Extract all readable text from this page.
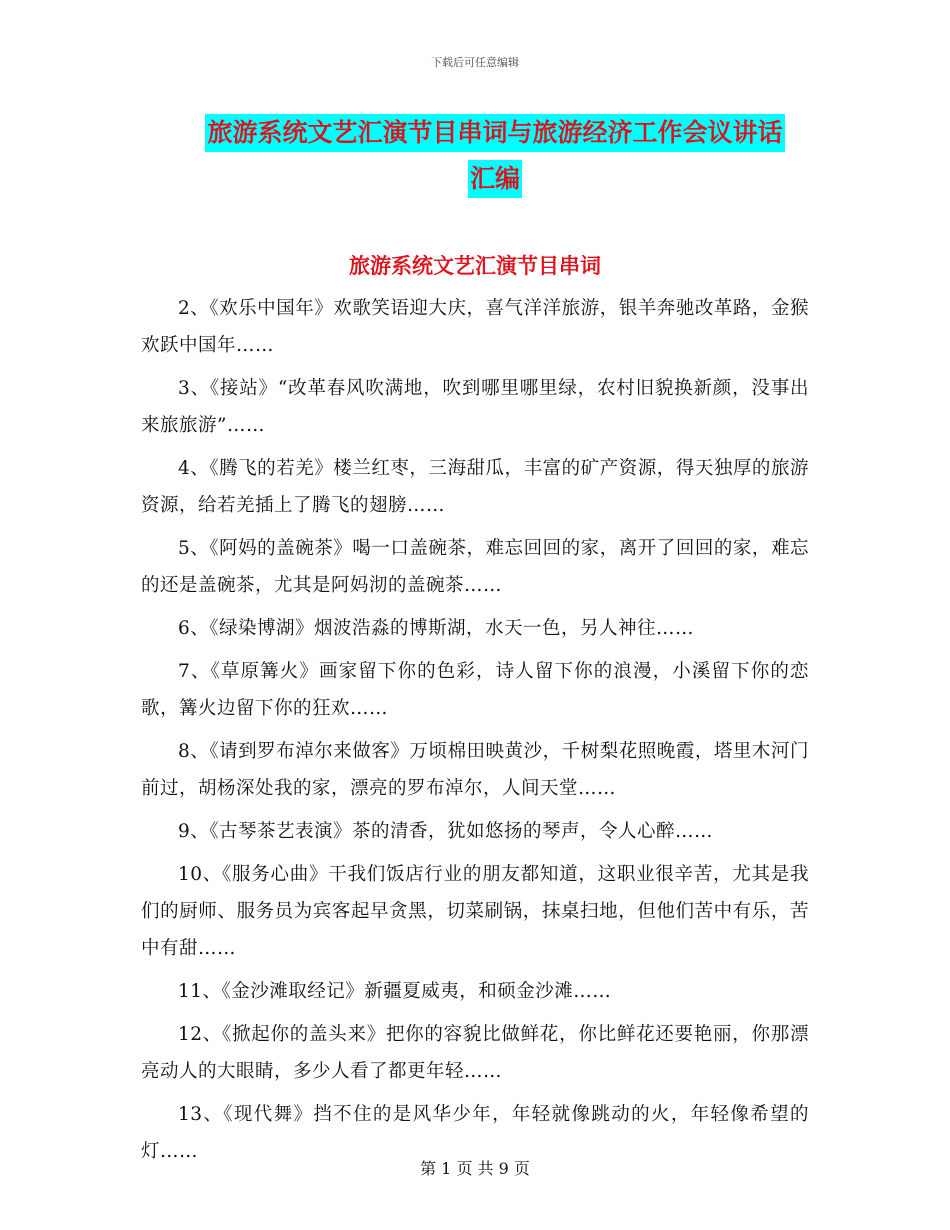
下载后可任意编辑
旅游系统文艺汇演节目串词与旅游经济工作会议讲话
汇编
旅游系统文艺汇演节目串词

2、《欢乐中国年》欢歌笑语迎大庆，喜气洋洋旅游，银羊奔驰改革路，金猴欢跃中国年……

3、《接站》“改革春风吹满地，吹到哪里哪里绿，农村旧貌换新颜，没事出来旅旅游”……

4、《腾飞的若羌》楼兰红枣，三海甜瓜，丰富的矿产资源，得天独厚的旅游资源，给若羌插上了腾飞的翅膀……

5、《阿妈的盖碗茶》喝一口盖碗茶，难忘回回的家，离开了回回的家，难忘的还是盖碗茶，尤其是阿妈沏的盖碗茶……

6、《绿染博湖》烟波浩淼的博斯湖，水天一色，另人神往……

7、《草原篝火》画家留下你的色彩，诗人留下你的浪漫，小溪留下你的恋歌，篝火边留下你的狂欢……

8、《请到罗布淖尔来做客》万顷棉田映黄沙，千树梨花照晚霞，塔里木河门前过，胡杨深处我的家，漂亮的罗布淖尔，人间天堂……

9、《古琴茶艺表演》茶的清香，犹如悠扬的琴声，令人心醉……

10、《服务心曲》干我们饭店行业的朋友都知道，这职业很辛苦，尤其是我们的厨师、服务员为宾客起早贪黑，切菜刷锅，抹桌扫地，但他们苦中有乐，苦中有甜……

11、《金沙滩取经记》新疆夏威夷，和硕金沙滩……

12、《掀起你的盖头来》把你的容貌比做鲜花，你比鲜花还要艳丽，你那漂亮动人的大眼睛，多少人看了都更年轻……

13、《现代舞》挡不住的是风华少年，年轻就像跳动的火，年轻像希望的灯……

第 1 页 共 9 页
